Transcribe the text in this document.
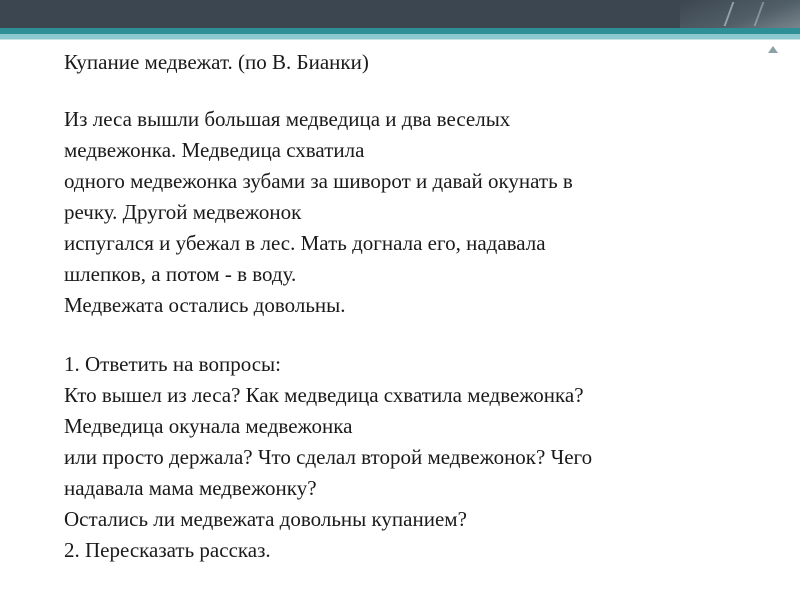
Купание медвежат. (по В. Бианки)

Из леса вышли большая медведица и два веселых
медвежонка. Медведица схватила
одного медвежонка зубами за шиворот и давай окунать в
речку. Другой медвежонок
испугался и убежал в лес. Мать догнала его, надавала
шлепков, а потом - в воду.
Медвежата остались довольны.
1. Ответить на вопросы:
Кто вышел из леса? Как медведица схватила медвежонка?
Медведица окунала медвежонка
или просто держала? Что сделал второй медвежонок? Чего
надавала мама медвежонку?
Остались ли медвежата довольны купанием?
2. Пересказать рассказ.
